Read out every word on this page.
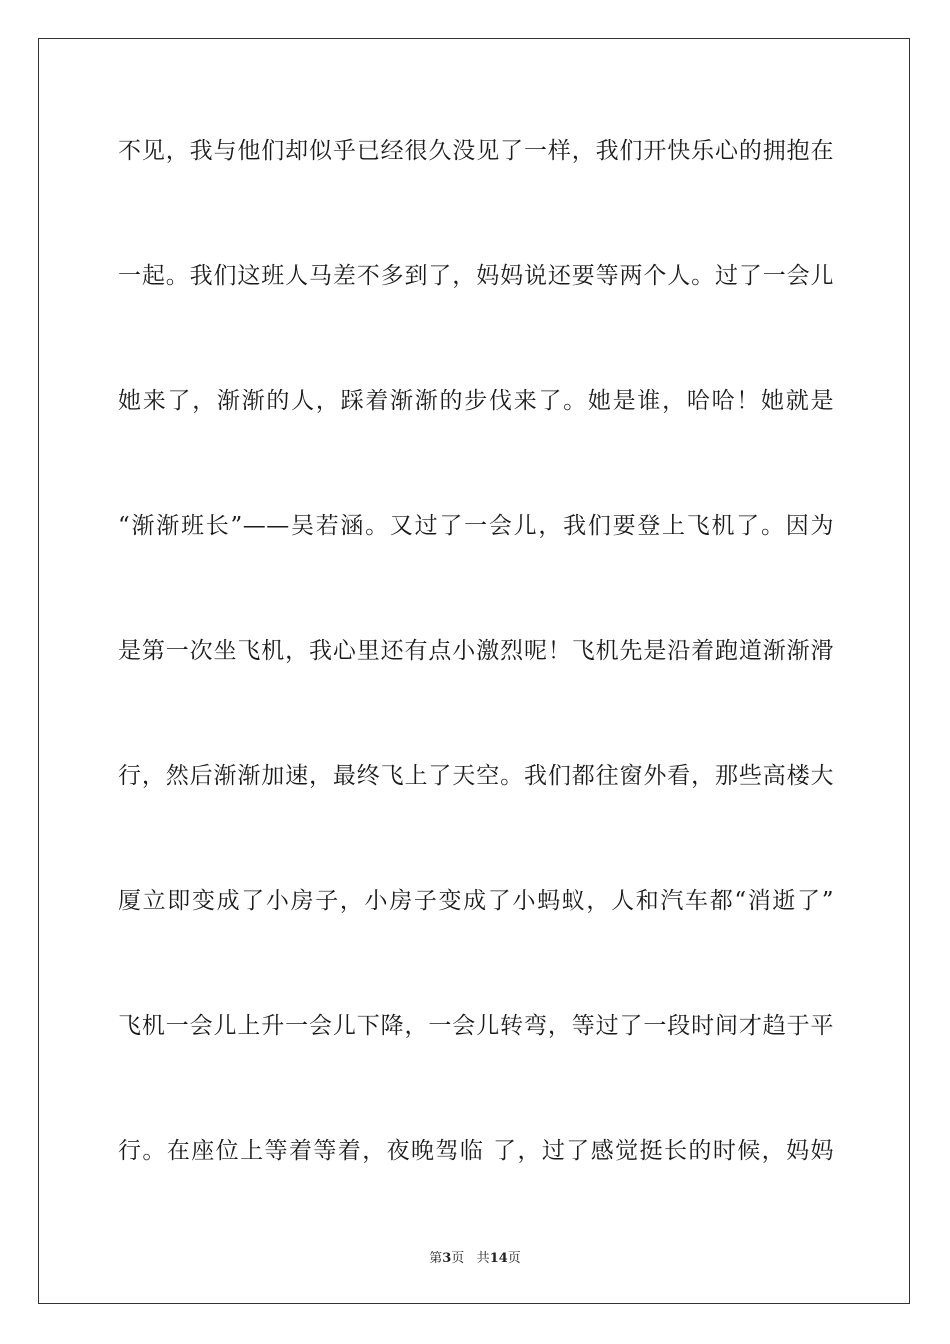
不见，我与他们却似乎已经很久没见了一样，我们开快乐心的拥抱在
一起。我们这班人马差不多到了，妈妈说还要等两个人。过了一会儿
她来了，渐渐的人，踩着渐渐的步伐来了。她是谁，哈哈！她就是
“渐渐班长”——吴若涵。又过了一会儿，我们要登上飞机了。因为
是第一次坐飞机，我心里还有点小激烈呢！飞机先是沿着跑道渐渐滑
行，然后渐渐加速，最终飞上了天空。我们都往窗外看，那些高楼大
厦立即变成了小房子，小房子变成了小蚂蚁，人和汽车都“消逝了”
飞机一会儿上升一会儿下降，一会儿转弯，等过了一段时间才趋于平
行。在座位上等着等着，夜晚驾临 了，过了感觉挺长的时候，妈妈
第3页 共14页
